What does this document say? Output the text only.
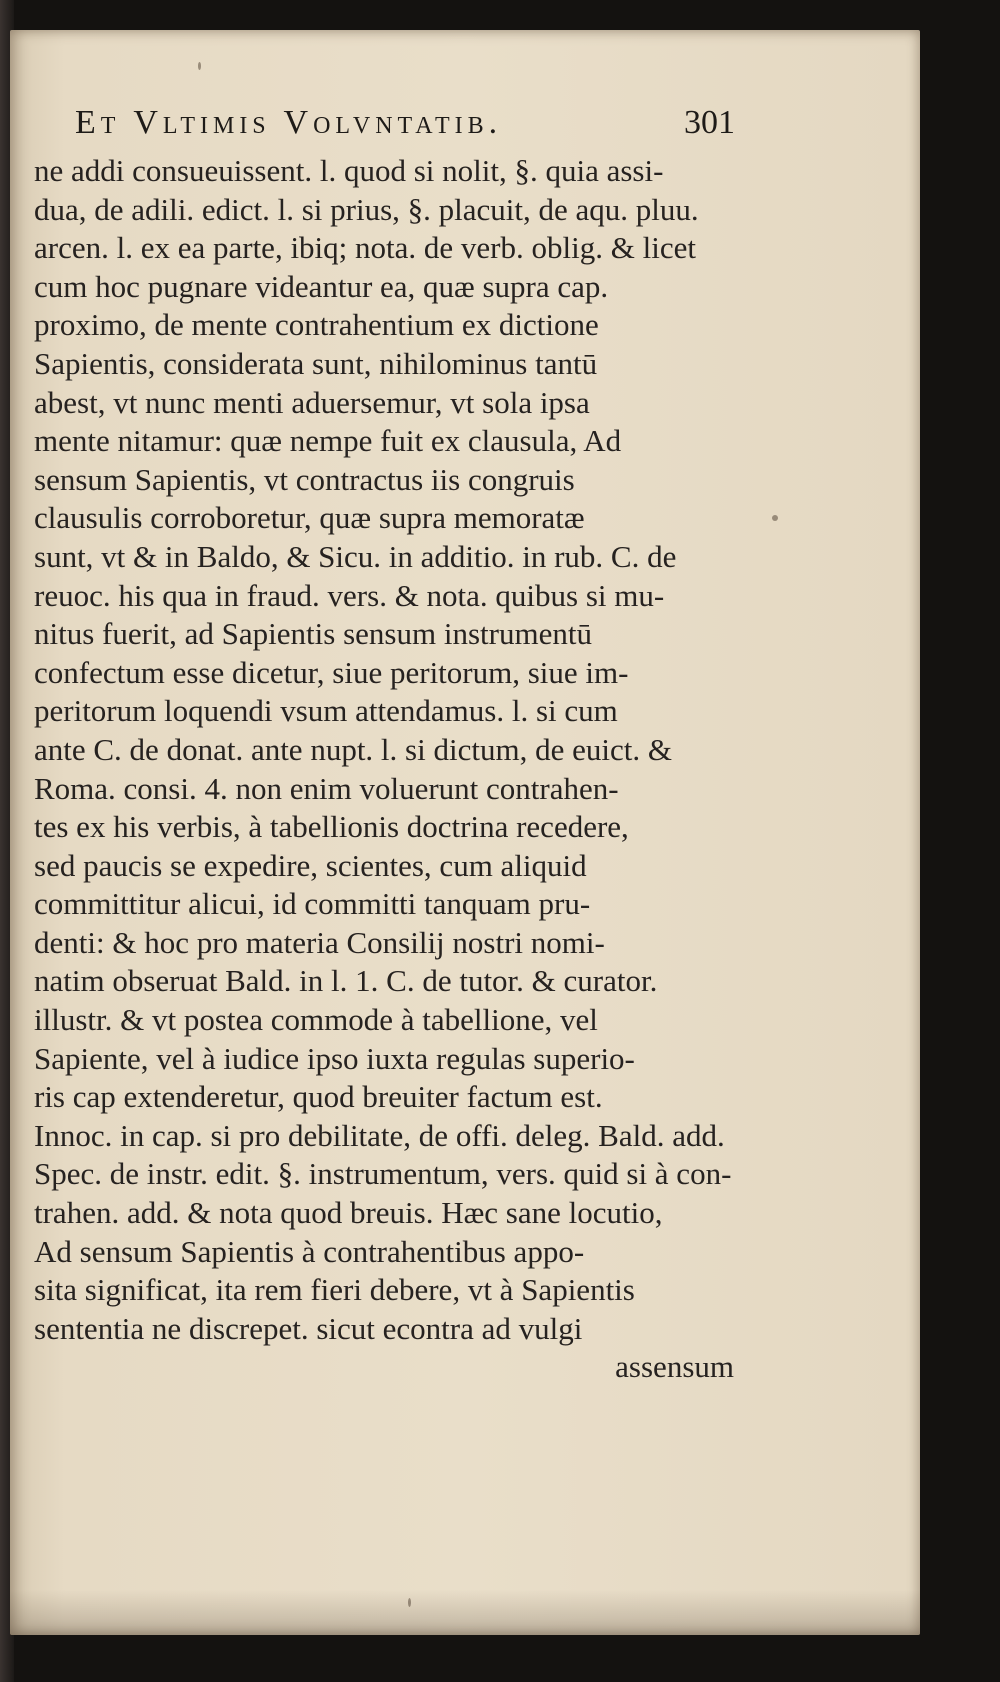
Et Vltimis Volvntatib.	301
ne addi consueuissent. l. quod si nolit, §. quia assi-
dua, de adili. edict. l. si prius, §. placuit, de aqu. pluu.
arcen. l. ex ea parte, ibiq; nota. de verb. oblig. & licet
cum hoc pugnare videantur ea, quæ supra cap.
proximo, de mente contrahentium ex dictione
Sapientis, considerata sunt, nihilominus tantū
abest, vt nunc menti aduersemur, vt sola ipsa
mente nitamur: quæ nempe fuit ex clausula, Ad
sensum Sapientis, vt contractus iis congruis
clausulis corroboretur, quæ supra memoratæ
sunt, vt & in Baldo, & Sicu. in additio. in rub. C. de
reuoc. his qua in fraud. vers. & nota. quibus si mu-
nitus fuerit, ad Sapientis sensum instrumentū
confectum esse dicetur, siue peritorum, siue im-
peritorum loquendi vsum attendamus. l. si cum
ante C. de donat. ante nupt. l. si dictum, de euict. &
Roma. consi. 4. non enim voluerunt contrahen-
tes ex his verbis, à tabellionis doctrina recedere,
sed paucis se expedire, scientes, cum aliquid
committitur alicui, id committi tanquam pru-
denti: & hoc pro materia Consilij nostri nomi-
natim obseruat Bald. in l. 1. C. de tutor. & curator.
illustr. & vt postea commode à tabellione, vel
Sapiente, vel à iudice ipso iuxta regulas superio-
ris cap extenderetur, quod breuiter factum est.
Innoc. in cap. si pro debilitate, de offi. deleg. Bald. add.
Spec. de instr. edit. §. instrumentum, vers. quid si à con-
trahen. add. & nota quod breuis. Hæc sane locutio,
Ad sensum Sapientis à contrahentibus appo-
sita significat, ita rem fieri debere, vt à Sapientis
sententia ne discrepet. sicut econtra ad vulgi
assensum
